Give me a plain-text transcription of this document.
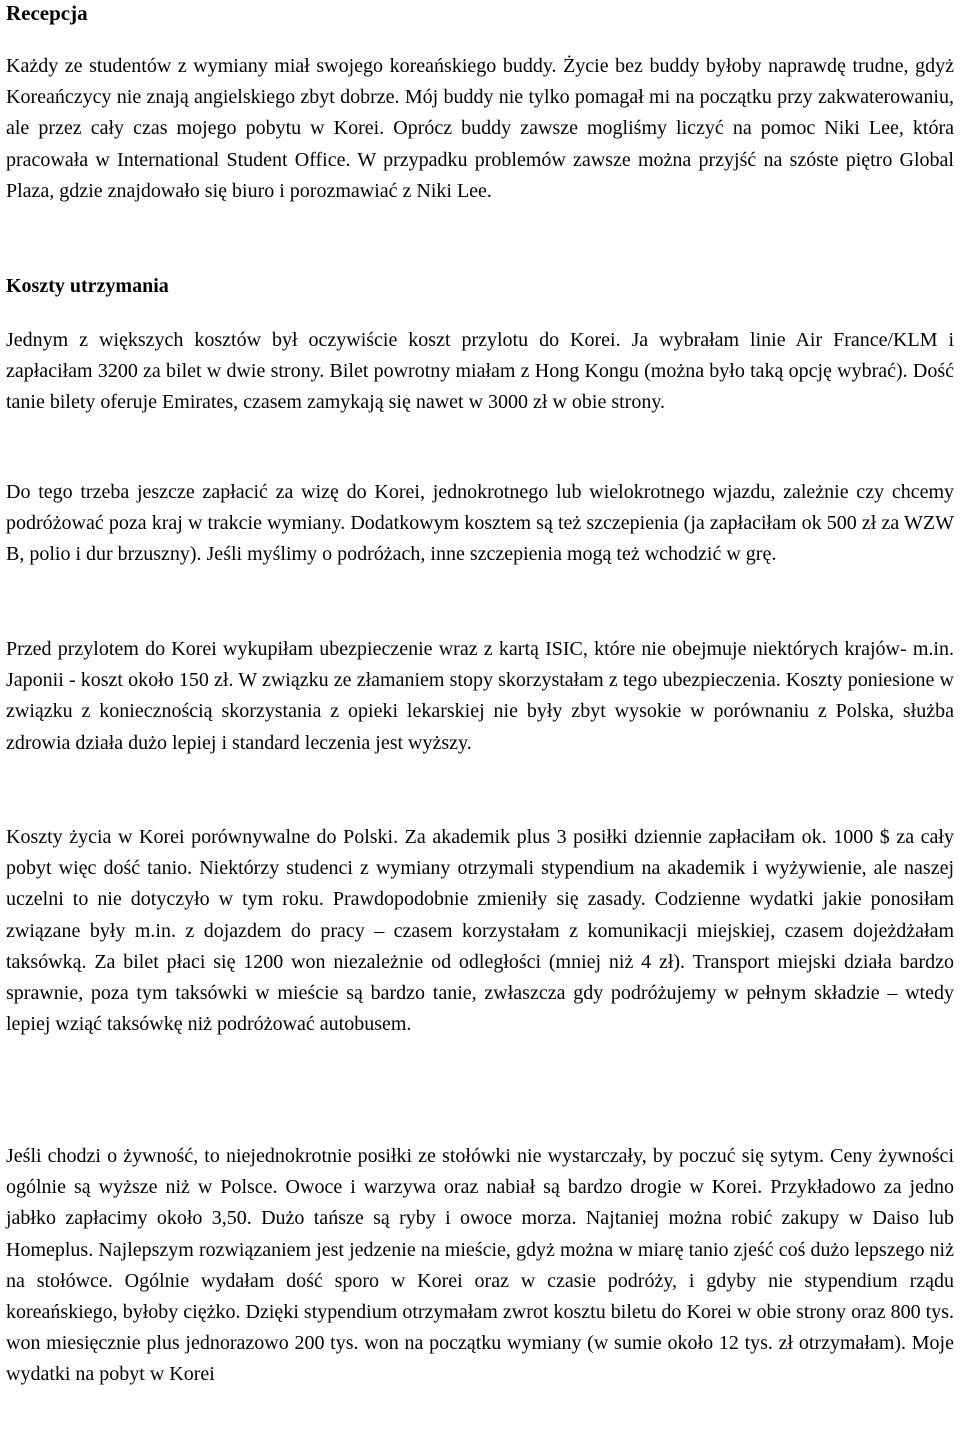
Recepcja

Każdy ze studentów z wymiany miał swojego koreańskiego buddy. Życie bez buddy byłoby naprawdę trudne, gdyż Koreańczycy nie znają angielskiego zbyt dobrze. Mój buddy nie tylko pomagał mi na początku przy zakwaterowaniu, ale przez cały czas mojego pobytu w Korei. Oprócz buddy zawsze mogliśmy liczyć na pomoc Niki Lee, która pracowała w International Student Office. W przypadku problemów zawsze można przyjść na szóste piętro Global Plaza, gdzie znajdowało się biuro i porozmawiać z Niki Lee.

Koszty utrzymania

Jednym z większych kosztów był oczywiście koszt przylotu do Korei. Ja wybrałam linie Air France/KLM i zapłaciłam 3200 za bilet w dwie strony. Bilet powrotny miałam z Hong Kongu (można było taką opcję wybrać). Dość tanie bilety oferuje Emirates, czasem zamykają się nawet w 3000 zł w obie strony.

Do tego trzeba jeszcze zapłacić za wizę do Korei, jednokrotnego lub wielokrotnego wjazdu, zależnie czy chcemy podróżować poza kraj w trakcie wymiany. Dodatkowym kosztem są też szczepienia (ja zapłaciłam ok 500 zł za WZW B, polio i dur brzuszny). Jeśli myślimy o podróżach, inne szczepienia mogą też wchodzić w grę.

Przed przylotem do Korei wykupiłam ubezpieczenie wraz z kartą ISIC, które nie obejmuje niektórych krajów- m.in. Japonii - koszt około 150 zł. W związku ze złamaniem stopy skorzystałam z tego ubezpieczenia. Koszty poniesione w związku z koniecznością skorzystania z opieki lekarskiej nie były zbyt wysokie w porównaniu z Polska, służba zdrowia działa dużo lepiej i standard leczenia jest wyższy.

Koszty życia w Korei porównywalne do Polski. Za akademik plus 3 posiłki dziennie zapłaciłam ok. 1000 $ za cały pobyt więc dość tanio. Niektórzy studenci z wymiany otrzymali stypendium na akademik i wyżywienie, ale naszej uczelni to nie dotyczyło w tym roku. Prawdopodobnie zmieniły się zasady. Codzienne wydatki jakie ponosiłam związane były m.in. z dojazdem do pracy – czasem korzystałam z komunikacji miejskiej, czasem dojeżdżałam taksówką. Za bilet płaci się 1200 won niezależnie od odległości (mniej niż 4 zł). Transport miejski działa bardzo sprawnie, poza tym taksówki w mieście są bardzo tanie, zwłaszcza gdy podróżujemy w pełnym składzie – wtedy lepiej wziąć taksówkę niż podróżować autobusem.

Jeśli chodzi o żywność, to niejednokrotnie posiłki ze stołówki nie wystarczały, by poczuć się sytym. Ceny żywności ogólnie są wyższe niż w Polsce. Owoce i warzywa oraz nabiał są bardzo drogie w Korei. Przykładowo za jedno jabłko zapłacimy około 3,50. Dużo tańsze są ryby i owoce morza. Najtaniej można robić zakupy w Daiso lub Homeplus. Najlepszym rozwiązaniem jest jedzenie na mieście, gdyż można w miarę tanio zjeść coś dużo lepszego niż na stołówce. Ogólnie wydałam dość sporo w Korei oraz w czasie podróży, i gdyby nie stypendium rządu koreańskiego, byłoby ciężko. Dzięki stypendium otrzymałam zwrot kosztu biletu do Korei w obie strony oraz 800 tys. won miesięcznie plus jednorazowo 200 tys. won na początku wymiany (w sumie około 12 tys. zł otrzymałam). Moje wydatki na pobyt w Korei
